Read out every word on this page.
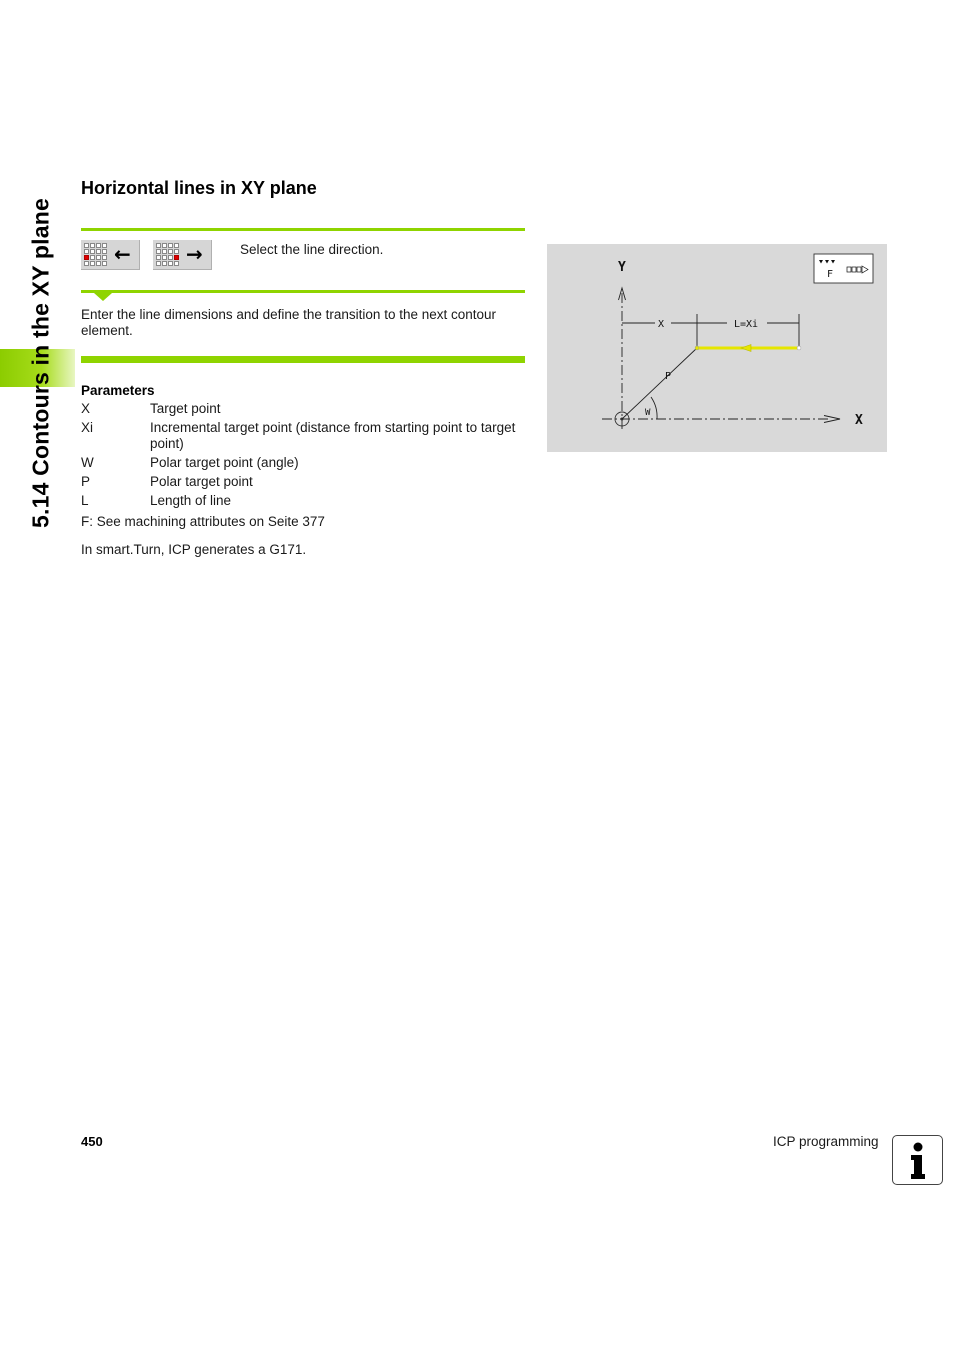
5.14 Contours in the XY plane
Horizontal lines in XY plane
←	→	Select the line direction.
Enter the line dimensions and define the transition to the next contour element.
Parameters
X	Target point
Xi	Incremental target point (distance from starting point to target point)
W	Polar target point (angle)
P	Polar target point
L	Length of line
F: See machining attributes on Seite 377
In smart.Turn, ICP generates a G171.
Y
X
P
W
X	L=Xi
F
450	ICP programming
